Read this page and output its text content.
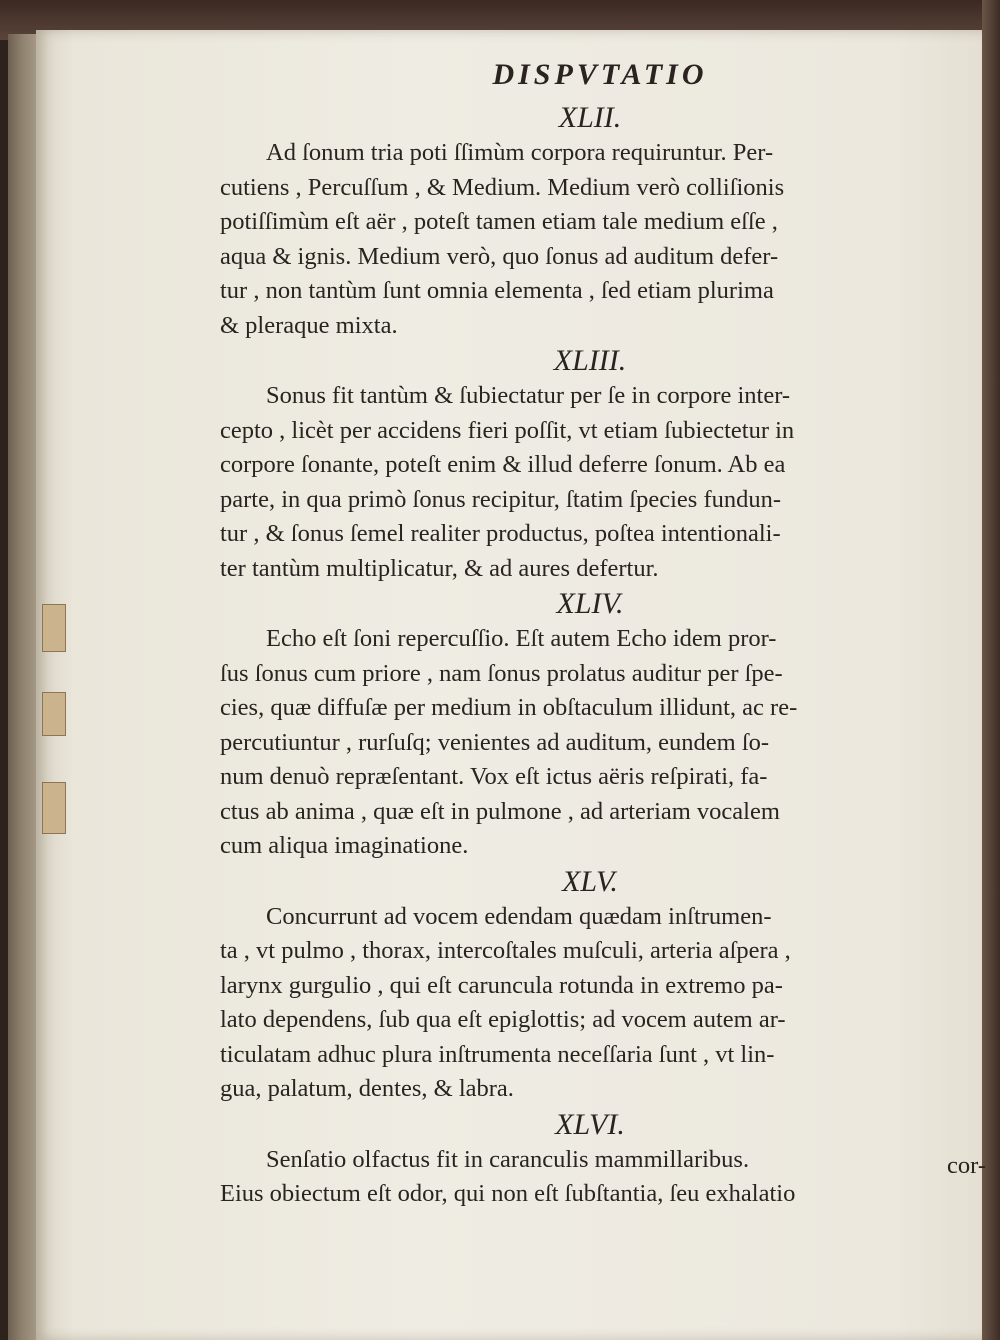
DISPVTATIO
XLII.
Ad ſonum tria poti ſſimùm corpora requiruntur. Per-
cutiens , Percuſſum , & Medium. Medium verò colliſionis
potiſſimùm eſt aër , poteſt tamen etiam tale medium eſſe ,
aqua & ignis. Medium verò, quo ſonus ad auditum defer-
tur , non tantùm ſunt omnia elementa , ſed etiam plurima
& pleraque mixta.
XLIII.
Sonus fit tantùm & ſubiectatur per ſe in corpore inter-
cepto , licèt per accidens fieri poſſit, vt etiam ſubiectetur in
corpore ſonante, poteſt enim & illud deferre ſonum. Ab ea
parte, in qua primò ſonus recipitur, ſtatim ſpecies fundun-
tur , & ſonus ſemel realiter productus, poſtea intentionali-
ter tantùm multiplicatur, & ad aures defertur.
XLIV.
Echo eſt ſoni repercuſſio. Eſt autem Echo idem pror-
ſus ſonus cum priore , nam ſonus prolatus auditur per ſpe-
cies, quæ diffuſæ per medium in obſtaculum illidunt, ac re-
percutiuntur , rurſuſq; venientes ad auditum, eundem ſo-
num denuò repræſentant. Vox eſt ictus aëris reſpirati, fa-
ctus ab anima , quæ eſt in pulmone , ad arteriam vocalem
cum aliqua imaginatione.
XLV.
Concurrunt ad vocem edendam quædam inſtrumen-
ta , vt pulmo , thorax, intercoſtales muſculi, arteria aſpera ,
larynx gurgulio , qui eſt caruncula rotunda in extremo pa-
lato dependens, ſub qua eſt epiglottis; ad vocem autem ar-
ticulatam adhuc plura inſtrumenta neceſſaria ſunt , vt lin-
gua, palatum, dentes, & labra.
XLVI.
Senſatio olfactus fit in caranculis mammillaribus.
Eius obiectum eſt odor, qui non eſt ſubſtantia, ſeu exhalatio
cor-
